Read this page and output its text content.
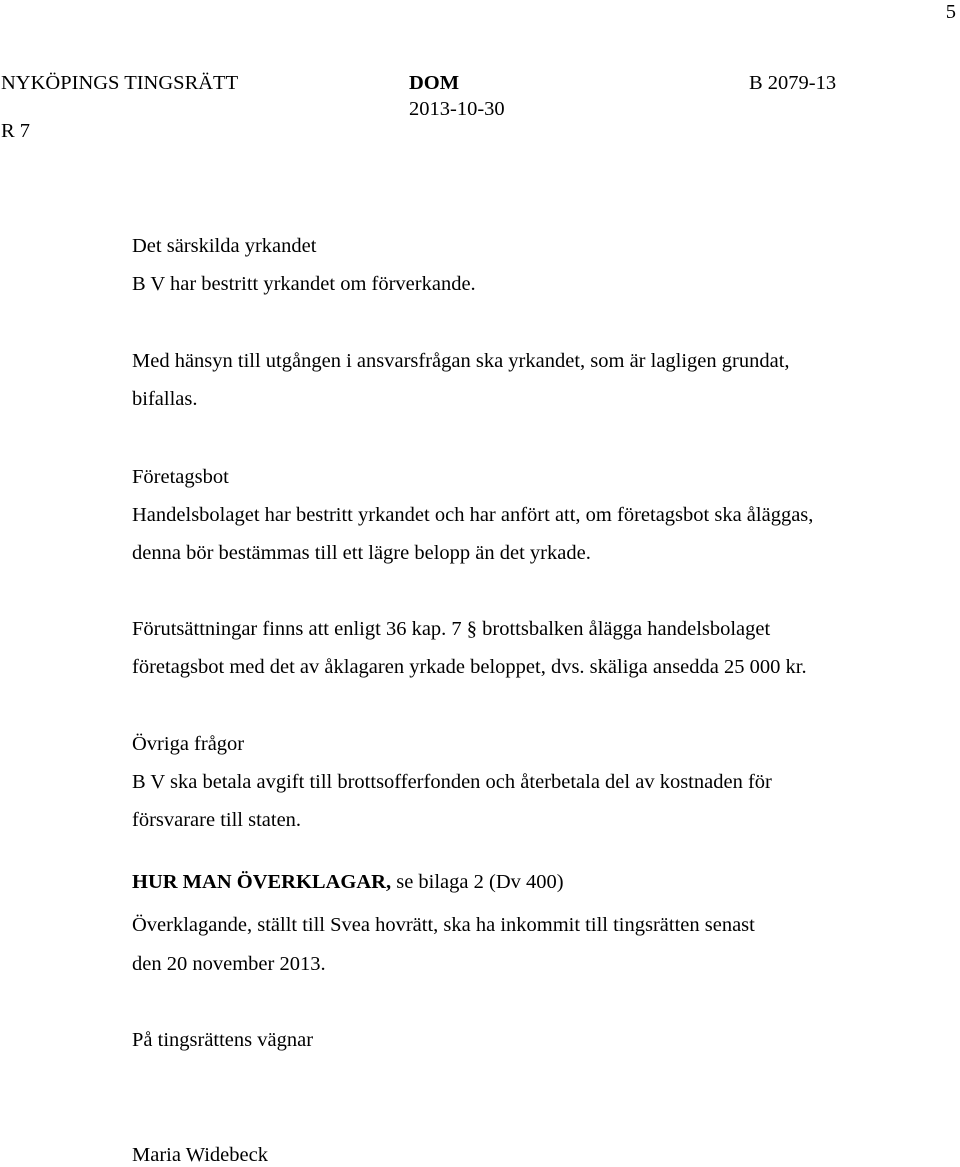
5
NYKÖPINGS TINGSRÄTT	DOM	B 2079-13
2013-10-30
R 7
Det särskilda yrkandet
B V har bestritt yrkandet om förverkande.
Med hänsyn till utgången i ansvarsfrågan ska yrkandet, som är lagligen grundat,
bifallas.
Företagsbot
Handelsbolaget har bestritt yrkandet och har anfört att, om företagsbot ska åläggas,
denna bör bestämmas till ett lägre belopp än det yrkade.
Förutsättningar finns att enligt 36 kap. 7 § brottsbalken ålägga handelsbolaget
företagsbot med det av åklagaren yrkade beloppet, dvs. skäliga ansedda 25 000 kr.
Övriga frågor
B V ska betala avgift till brottsofferfonden och återbetala del av kostnaden för
försvarare till staten.
HUR MAN ÖVERKLAGAR, se bilaga 2 (Dv 400)
Överklagande, ställt till Svea hovrätt, ska ha inkommit till tingsrätten senast
den 20 november 2013.
På tingsrättens vägnar
Maria Widebeck
